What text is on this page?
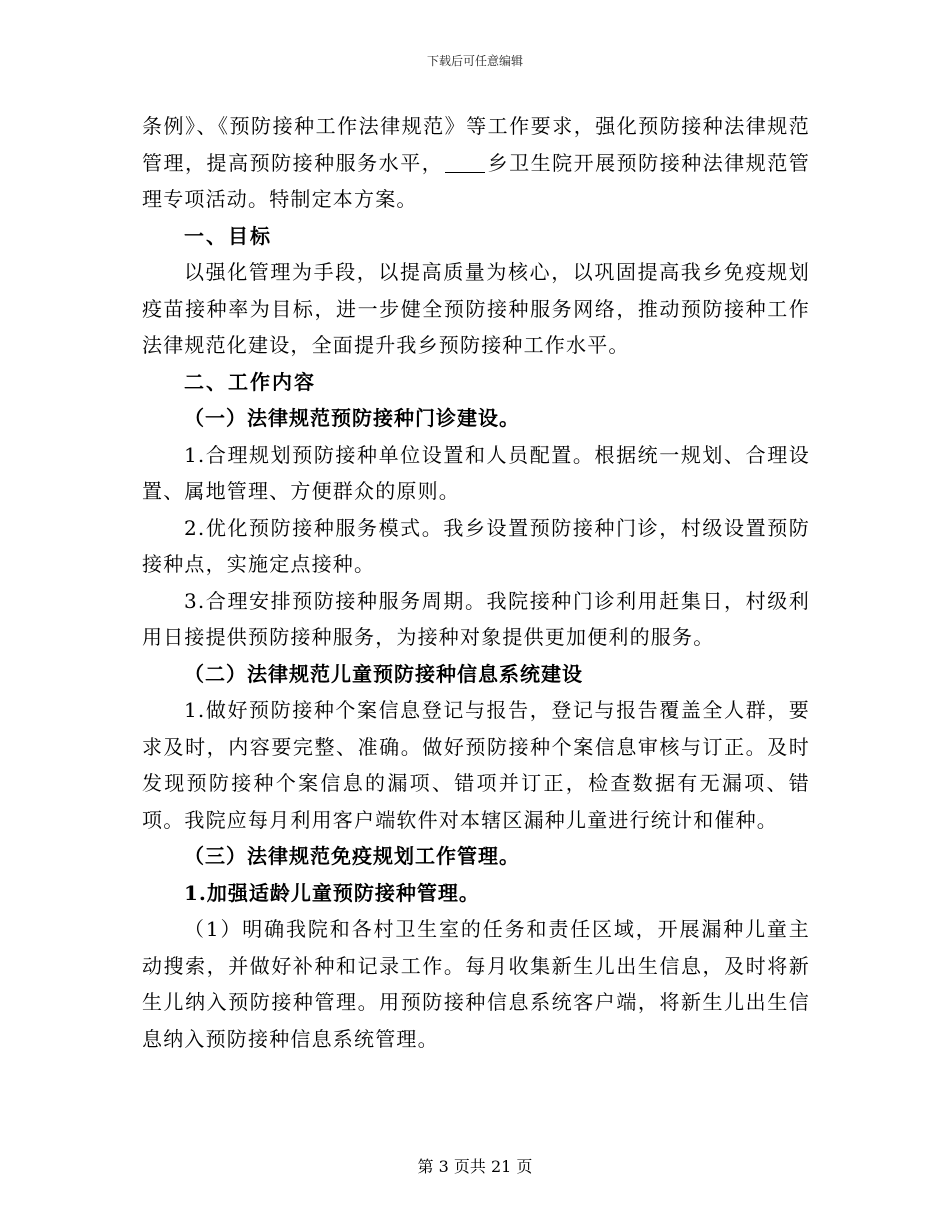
下载后可任意编辑

条例》、《预防接种工作法律规范》等工作要求，强化预防接种法律规范管理，提高预防接种服务水平， 乡卫生院开展预防接种法律规范管理专项活动。特制定本方案。

一、目标

以强化管理为手段，以提高质量为核心，以巩固提高我乡免疫规划疫苗接种率为目标，进一步健全预防接种服务网络，推动预防接种工作法律规范化建设，全面提升我乡预防接种工作水平。

二、工作内容

（一）法律规范预防接种门诊建设。

1.合理规划预防接种单位设置和人员配置。根据统一规划、合理设置、属地管理、方便群众的原则。

2.优化预防接种服务模式。我乡设置预防接种门诊，村级设置预防接种点，实施定点接种。

3.合理安排预防接种服务周期。我院接种门诊利用赶集日，村级利用日接提供预防接种服务，为接种对象提供更加便利的服务。

（二）法律规范儿童预防接种信息系统建设

1.做好预防接种个案信息登记与报告，登记与报告覆盖全人群，要求及时，内容要完整、准确。做好预防接种个案信息审核与订正。及时发现预防接种个案信息的漏项、错项并订正，检查数据有无漏项、错项。我院应每月利用客户端软件对本辖区漏种儿童进行统计和催种。

（三）法律规范免疫规划工作管理。

1.加强适龄儿童预防接种管理。

（1）明确我院和各村卫生室的任务和责任区域，开展漏种儿童主动搜索，并做好补种和记录工作。每月收集新生儿出生信息，及时将新生儿纳入预防接种管理。用预防接种信息系统客户端，将新生儿出生信息纳入预防接种信息系统管理。

第 3 页共 21 页
